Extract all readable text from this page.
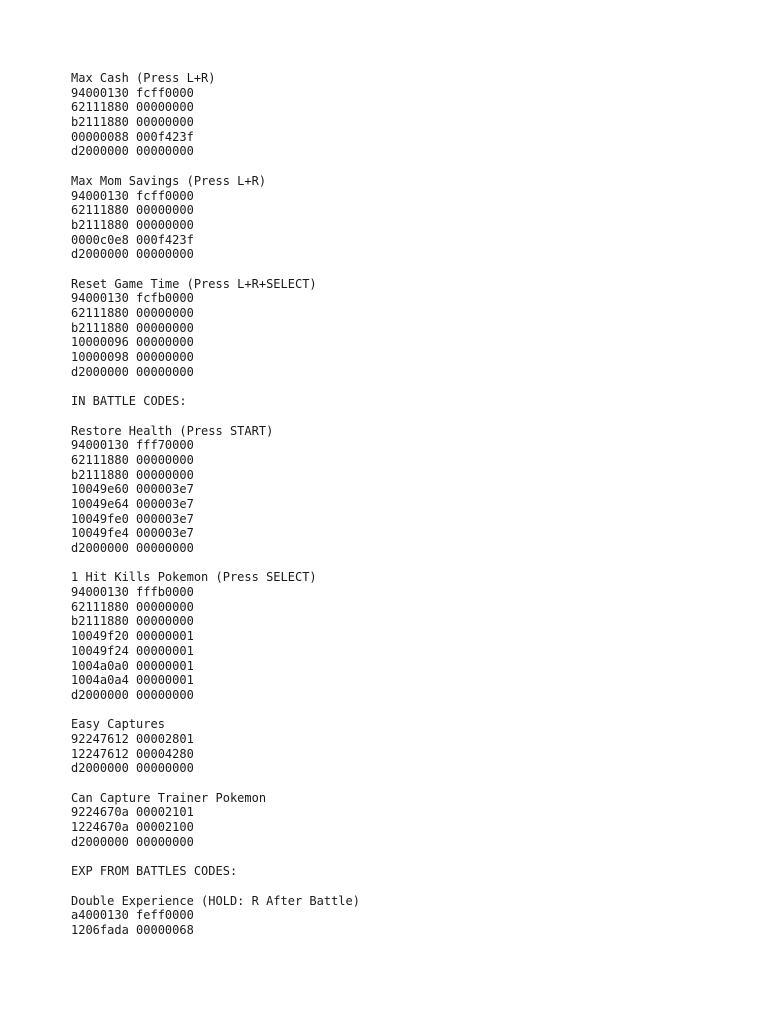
Max Cash (Press L+R)
94000130 fcff0000
62111880 00000000
b2111880 00000000
00000088 000f423f
d2000000 00000000
Max Mom Savings (Press L+R)
94000130 fcff0000
62111880 00000000
b2111880 00000000
0000c0e8 000f423f
d2000000 00000000
Reset Game Time (Press L+R+SELECT)
94000130 fcfb0000
62111880 00000000
b2111880 00000000
10000096 00000000
10000098 00000000
d2000000 00000000
IN BATTLE CODES:
Restore Health (Press START)
94000130 fff70000
62111880 00000000
b2111880 00000000
10049e60 000003e7
10049e64 000003e7
10049fe0 000003e7
10049fe4 000003e7
d2000000 00000000
1 Hit Kills Pokemon (Press SELECT)
94000130 fffb0000
62111880 00000000
b2111880 00000000
10049f20 00000001
10049f24 00000001
1004a0a0 00000001
1004a0a4 00000001
d2000000 00000000
Easy Captures
92247612 00002801
12247612 00004280
d2000000 00000000
Can Capture Trainer Pokemon
9224670a 00002101
1224670a 00002100
d2000000 00000000
EXP FROM BATTLES CODES:
Double Experience (HOLD: R After Battle)
a4000130 feff0000
1206fada 00000068
